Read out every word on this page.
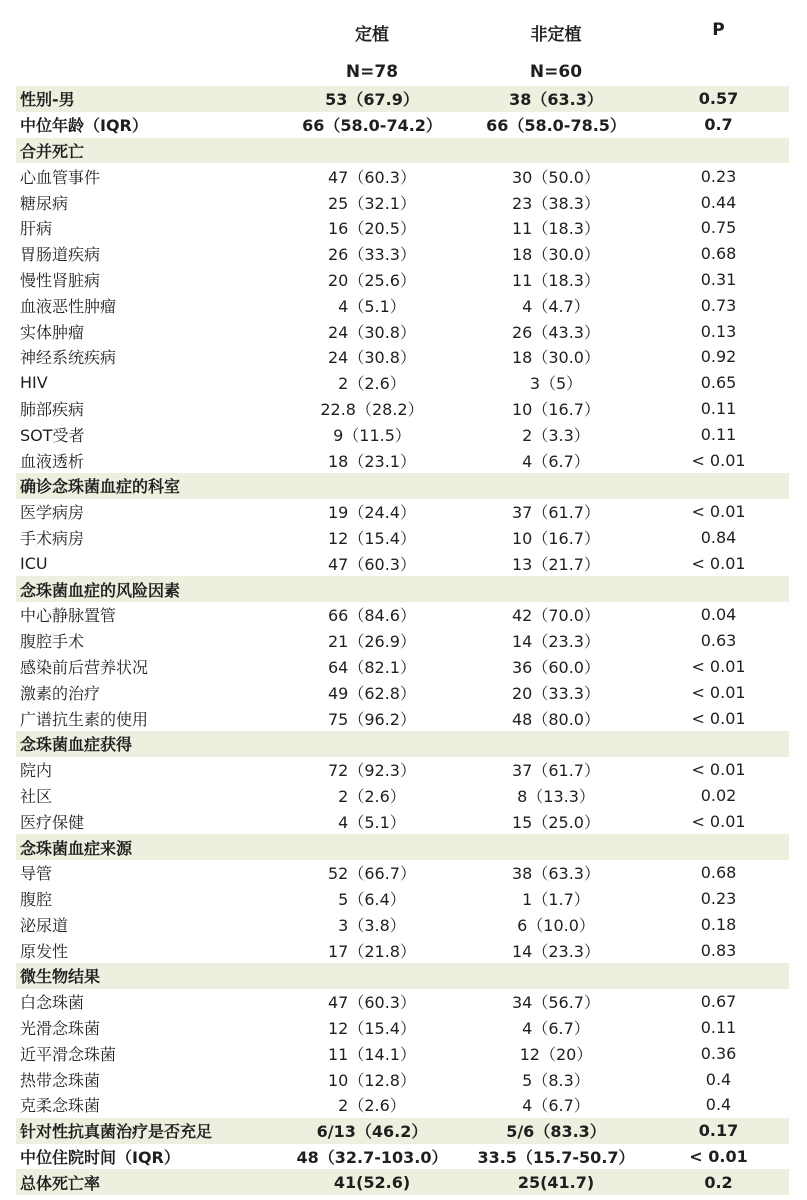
定植
N=78
非定植
N=60
P
性别-男	53（67.9）	38（63.3）	0.57
中位年龄（IQR）	66（58.0-74.2）	66（58.0-78.5）	0.7
合并死亡
心血管事件	47（60.3）	30（50.0）	0.23
糖尿病	25（32.1）	23（38.3）	0.44
肝病	16（20.5）	11（18.3）	0.75
胃肠道疾病	26（33.3）	18（30.0）	0.68
慢性肾脏病	20（25.6）	11（18.3）	0.31
血液恶性肿瘤	4（5.1）	4（4.7）	0.73
实体肿瘤	24（30.8）	26（43.3）	0.13
神经系统疾病	24（30.8）	18（30.0）	0.92
HIV	2（2.6）	3（5）	0.65
肺部疾病	22.8（28.2）	10（16.7）	0.11
SOT受者	9（11.5）	2（3.3）	0.11
血液透析	18（23.1）	4（6.7）	< 0.01
确诊念珠菌血症的科室
医学病房	19（24.4）	37（61.7）	< 0.01
手术病房	12（15.4）	10（16.7）	0.84
ICU	47（60.3）	13（21.7）	< 0.01
念珠菌血症的风险因素
中心静脉置管	66（84.6）	42（70.0）	0.04
腹腔手术	21（26.9）	14（23.3）	0.63
感染前后营养状况	64（82.1）	36（60.0）	< 0.01
激素的治疗	49（62.8）	20（33.3）	< 0.01
广谱抗生素的使用	75（96.2）	48（80.0）	< 0.01
念珠菌血症获得
院内	72（92.3）	37（61.7）	< 0.01
社区	2（2.6）	8（13.3）	0.02
医疗保健	4（5.1）	15（25.0）	< 0.01
念珠菌血症来源
导管	52（66.7）	38（63.3）	0.68
腹腔	5（6.4）	1（1.7）	0.23
泌尿道	3（3.8）	6（10.0）	0.18
原发性	17（21.8）	14（23.3）	0.83
微生物结果
白念珠菌	47（60.3）	34（56.7）	0.67
光滑念珠菌	12（15.4）	4（6.7）	0.11
近平滑念珠菌	11（14.1）	12（20）	0.36
热带念珠菌	10（12.8）	5（8.3）	0.4
克柔念珠菌	2（2.6）	4（6.7）	0.4
针对性抗真菌治疗是否充足	6/13（46.2）	5/6（83.3）	0.17
中位住院时间（IQR）	48（32.7-103.0）	33.5（15.7-50.7）	< 0.01
总体死亡率	41(52.6)	25(41.7)	0.2
